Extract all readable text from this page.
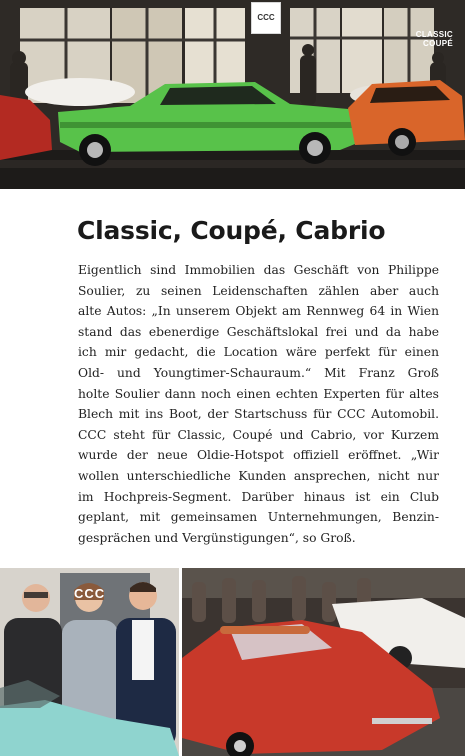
CCC
CLASSIC
COUPÉ
Classic, Coupé, Cabrio

Eigentlich sind Immobilien das Geschäft von Philippe
Soulier, zu seinen Leidenschaften zählen aber auch
alte Autos: „In unserem Objekt am Rennweg 64 in Wien
stand das ebenerdige Geschäftslokal frei und da habe
ich mir gedacht, die Location wäre perfekt für einen
Old- und Youngtimer-Schauraum.“ Mit Franz Groß
holte Soulier dann noch einen echten Experten für altes
Blech mit ins Boot, der Startschuss für CCC Automobil.
CCC steht für Classic, Coupé und Cabrio, vor Kurzem
wurde der neue Oldie-Hotspot offiziell eröffnet. „Wir
wollen unterschiedliche Kunden ansprechen, nicht nur
im Hochpreis-Segment. Darüber hinaus ist ein Club
geplant, mit gemeinsamen Unternehmungen, Benzin-
gesprächen und Vergünstigungen“, so Groß.

CCC
